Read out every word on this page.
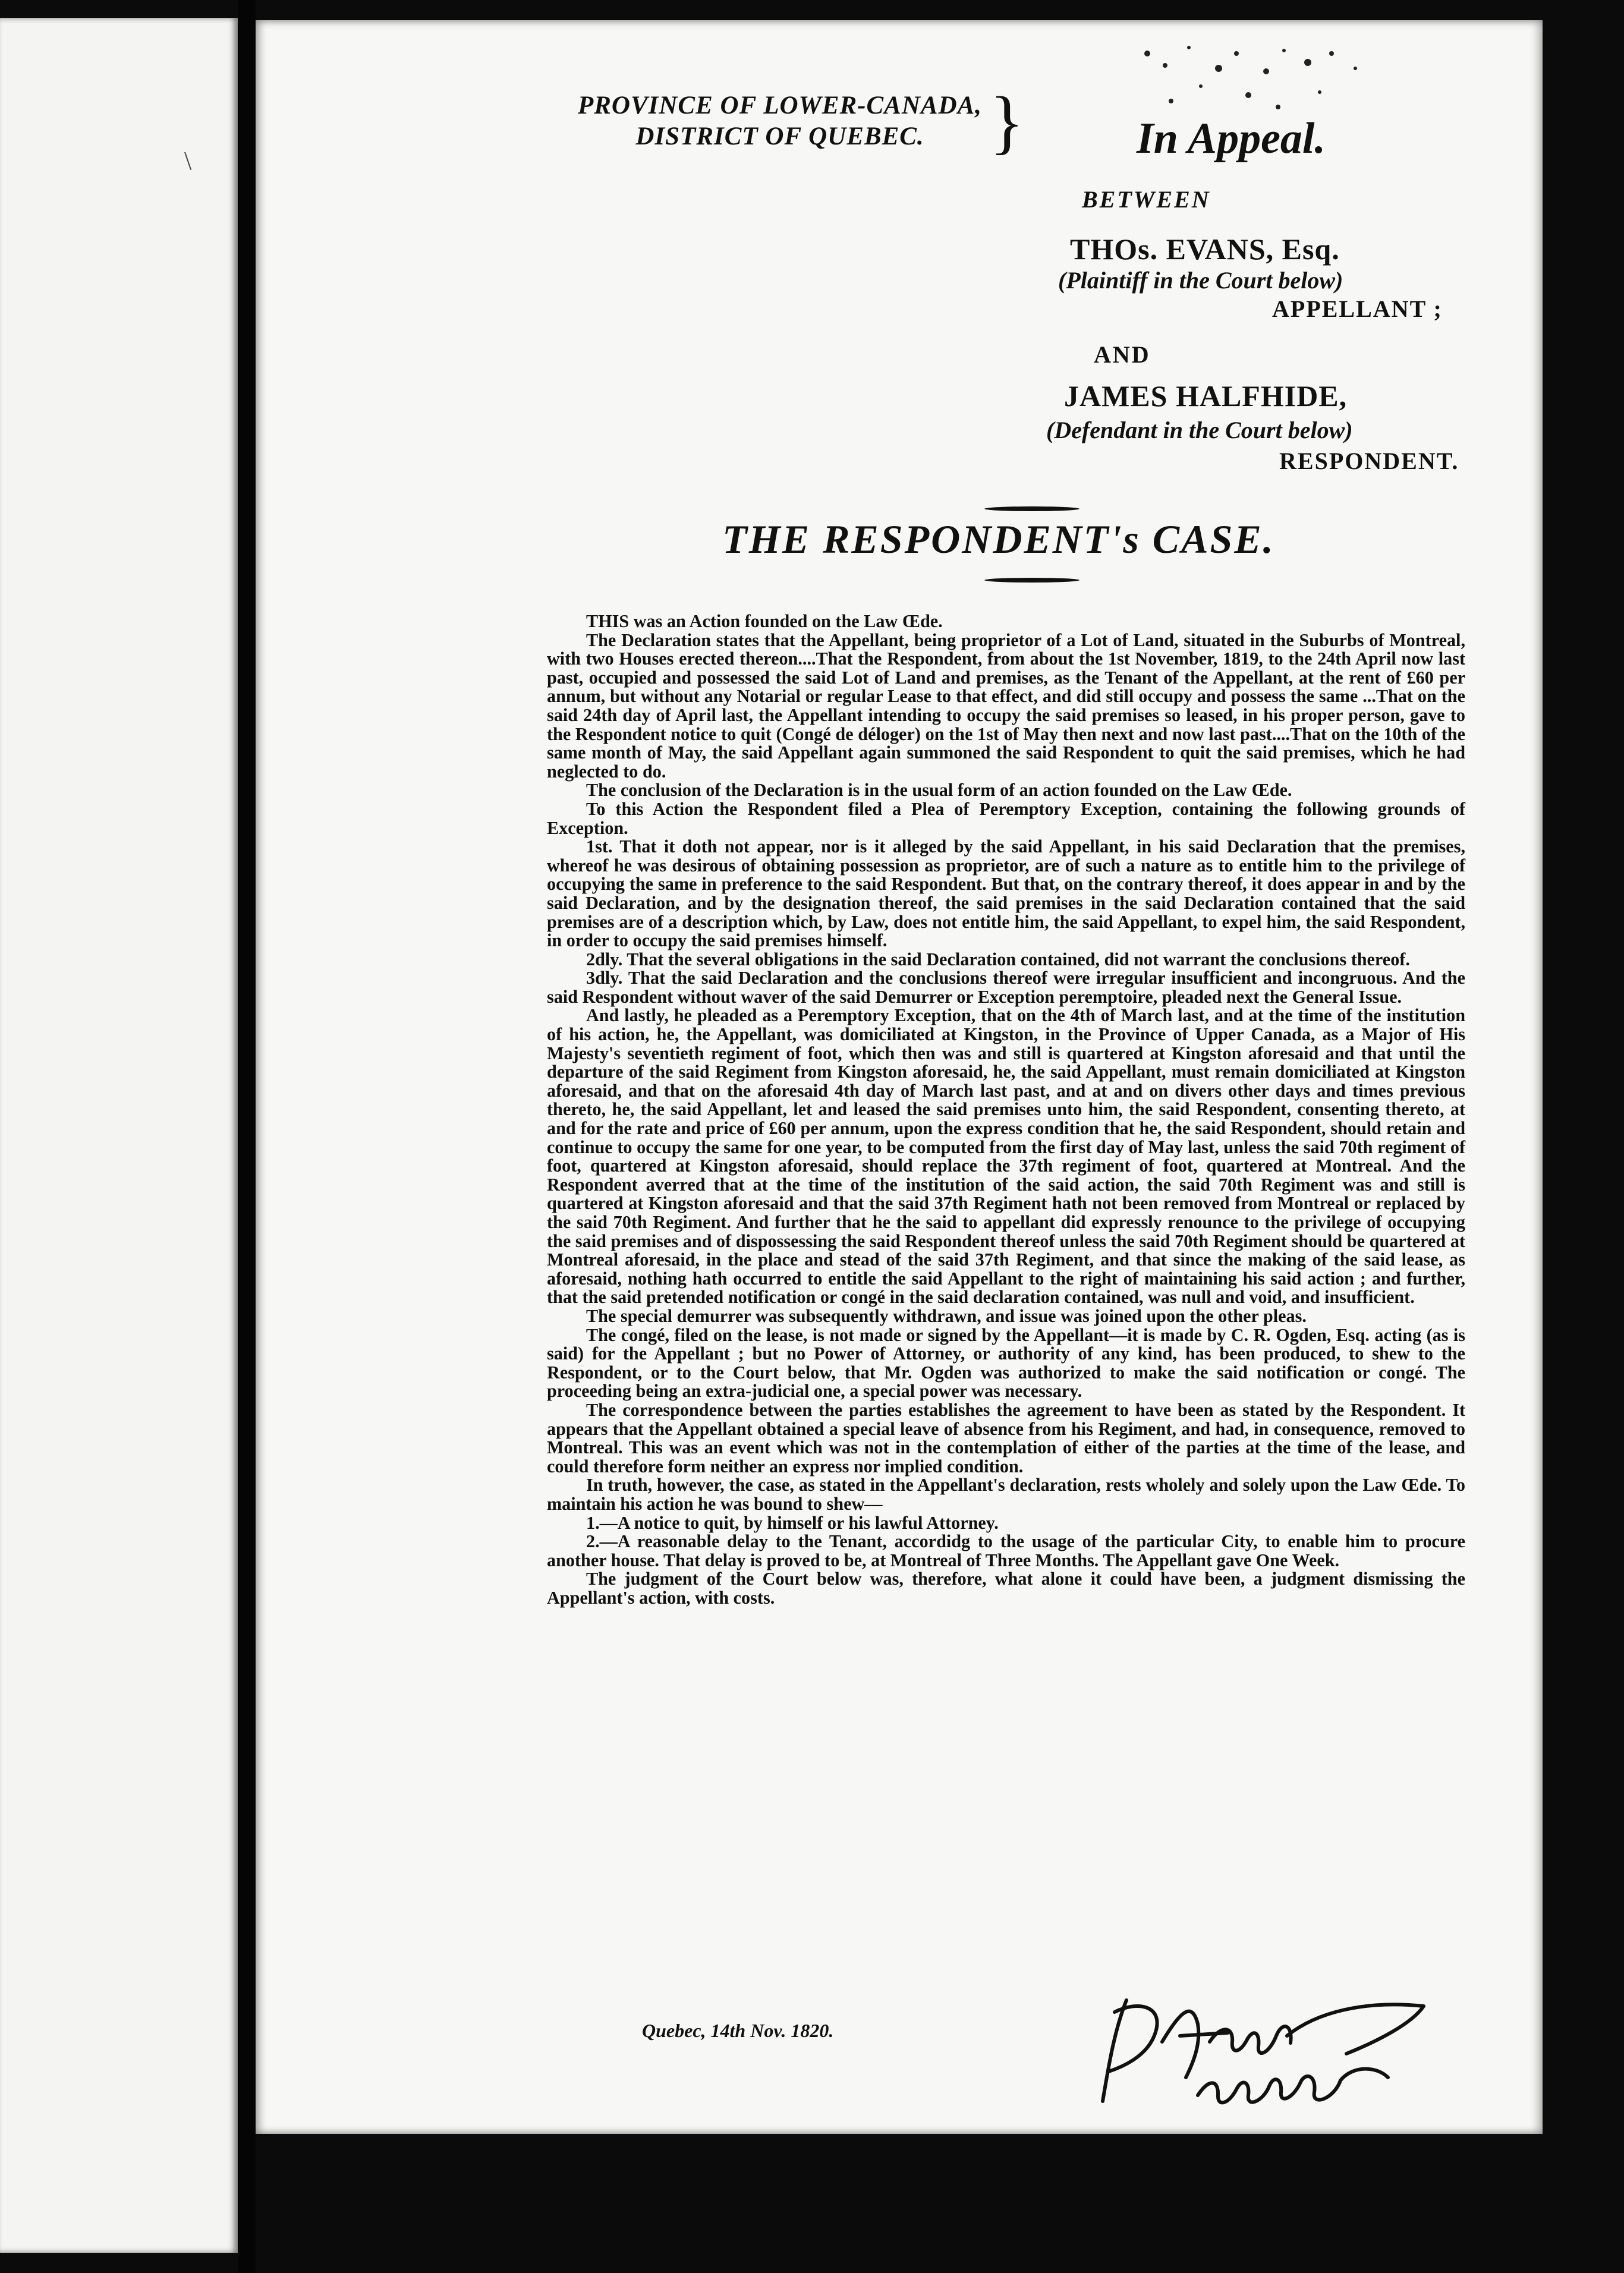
\
PROVINCE OF LOWER-CANADA,
DISTRICT OF QUEBEC. }	In Appeal.
BETWEEN
THOs. EVANS, Esq.
(Plaintiff in the Court below)
APPELLANT ;
AND
JAMES HALFHIDE,
(Defendant in the Court below)
RESPONDENT.
THE RESPONDENT's CASE.

THIS was an Action founded on the Law Œde.

The Declaration states that the Appellant, being proprietor of a Lot of Land, situated in the Suburbs of Montreal, with two Houses erected thereon....That the Respondent, from about the 1st November, 1819, to the 24th April now last past, occupied and possessed the said Lot of Land and premises, as the Tenant of the Appellant, at the rent of £60 per annum, but without any Notarial or regular Lease to that effect, and did still occupy and possess the same ...That on the said 24th day of April last, the Appellant intending to occupy the said premises so leased, in his proper person, gave to the Respondent notice to quit (Congé de déloger) on the 1st of May then next and now last past....That on the 10th of the same month of May, the said Appellant again summoned the said Respondent to quit the said premises, which he had neglected to do.

The conclusion of the Declaration is in the usual form of an action founded on the Law Œde.

To this Action the Respondent filed a Plea of Peremptory Exception, containing the following grounds of Exception.

1st. That it doth not appear, nor is it alleged by the said Appellant, in his said Declaration that the premises, whereof he was desirous of obtaining possession as proprietor, are of such a nature as to entitle him to the privilege of occupying the same in preference to the said Respondent. But that, on the contrary thereof, it does appear in and by the said Declaration, and by the designation thereof, the said premises in the said Declaration contained that the said premises are of a description which, by Law, does not entitle him, the said Appellant, to expel him, the said Respondent, in order to occupy the said premises himself.

2dly. That the several obligations in the said Declaration contained, did not warrant the conclusions thereof.

3dly. That the said Declaration and the conclusions thereof were irregular insufficient and incongruous. And the said Respondent without waver of the said Demurrer or Exception peremptoire, pleaded next the General Issue.

And lastly, he pleaded as a Peremptory Exception, that on the 4th of March last, and at the time of the institution of his action, he, the Appellant, was domiciliated at Kingston, in the Province of Upper Canada, as a Major of His Majesty's seventieth regiment of foot, which then was and still is quartered at Kingston aforesaid and that until the departure of the said Regiment from Kingston aforesaid, he, the said Appellant, must remain domiciliated at Kingston aforesaid, and that on the aforesaid 4th day of March last past, and at and on divers other days and times previous thereto, he, the said Appellant, let and leased the said premises unto him, the said Respondent, consenting thereto, at and for the rate and price of £60 per annum, upon the express condition that he, the said Respondent, should retain and continue to occupy the same for one year, to be computed from the first day of May last, unless the said 70th regiment of foot, quartered at Kingston aforesaid, should replace the 37th regiment of foot, quartered at Montreal. And the Respondent averred that at the time of the institution of the said action, the said 70th Regiment was and still is quartered at Kingston aforesaid and that the said 37th Regiment hath not been removed from Montreal or replaced by the said 70th Regiment. And further that he the said to appellant did expressly renounce to the privilege of occupying the said premises and of dispossessing the said Respondent thereof unless the said 70th Regiment should be quartered at Montreal aforesaid, in the place and stead of the said 37th Regiment, and that since the making of the said lease, as aforesaid, nothing hath occurred to entitle the said Appellant to the right of maintaining his said action ; and further, that the said pretended notification or congé in the said declaration contained, was null and void, and insufficient.

The special demurrer was subsequently withdrawn, and issue was joined upon the other pleas.

The congé, filed on the lease, is not made or signed by the Appellant—it is made by C. R. Ogden, Esq. acting (as is said) for the Appellant ; but no Power of Attorney, or authority of any kind, has been produced, to shew to the Respondent, or to the Court below, that Mr. Ogden was authorized to make the said notification or congé. The proceeding being an extra-judicial one, a special power was necessary.

The correspondence between the parties establishes the agreement to have been as stated by the Respondent. It appears that the Appellant obtained a special leave of absence from his Regiment, and had, in consequence, removed to Montreal. This was an event which was not in the contemplation of either of the parties at the time of the lease, and could therefore form neither an express nor implied condition.

In truth, however, the case, as stated in the Appellant's declaration, rests wholely and solely upon the Law Œde. To maintain his action he was bound to shew—

1.—A notice to quit, by himself or his lawful Attorney.

2.—A reasonable delay to the Tenant, accordidg to the usage of the particular City, to enable him to procure another house. That delay is proved to be, at Montreal of Three Months. The Appellant gave One Week.

The judgment of the Court below was, therefore, what alone it could have been, a judgment dismissing the Appellant's action, with costs.

Quebec, 14th Nov. 1820.
